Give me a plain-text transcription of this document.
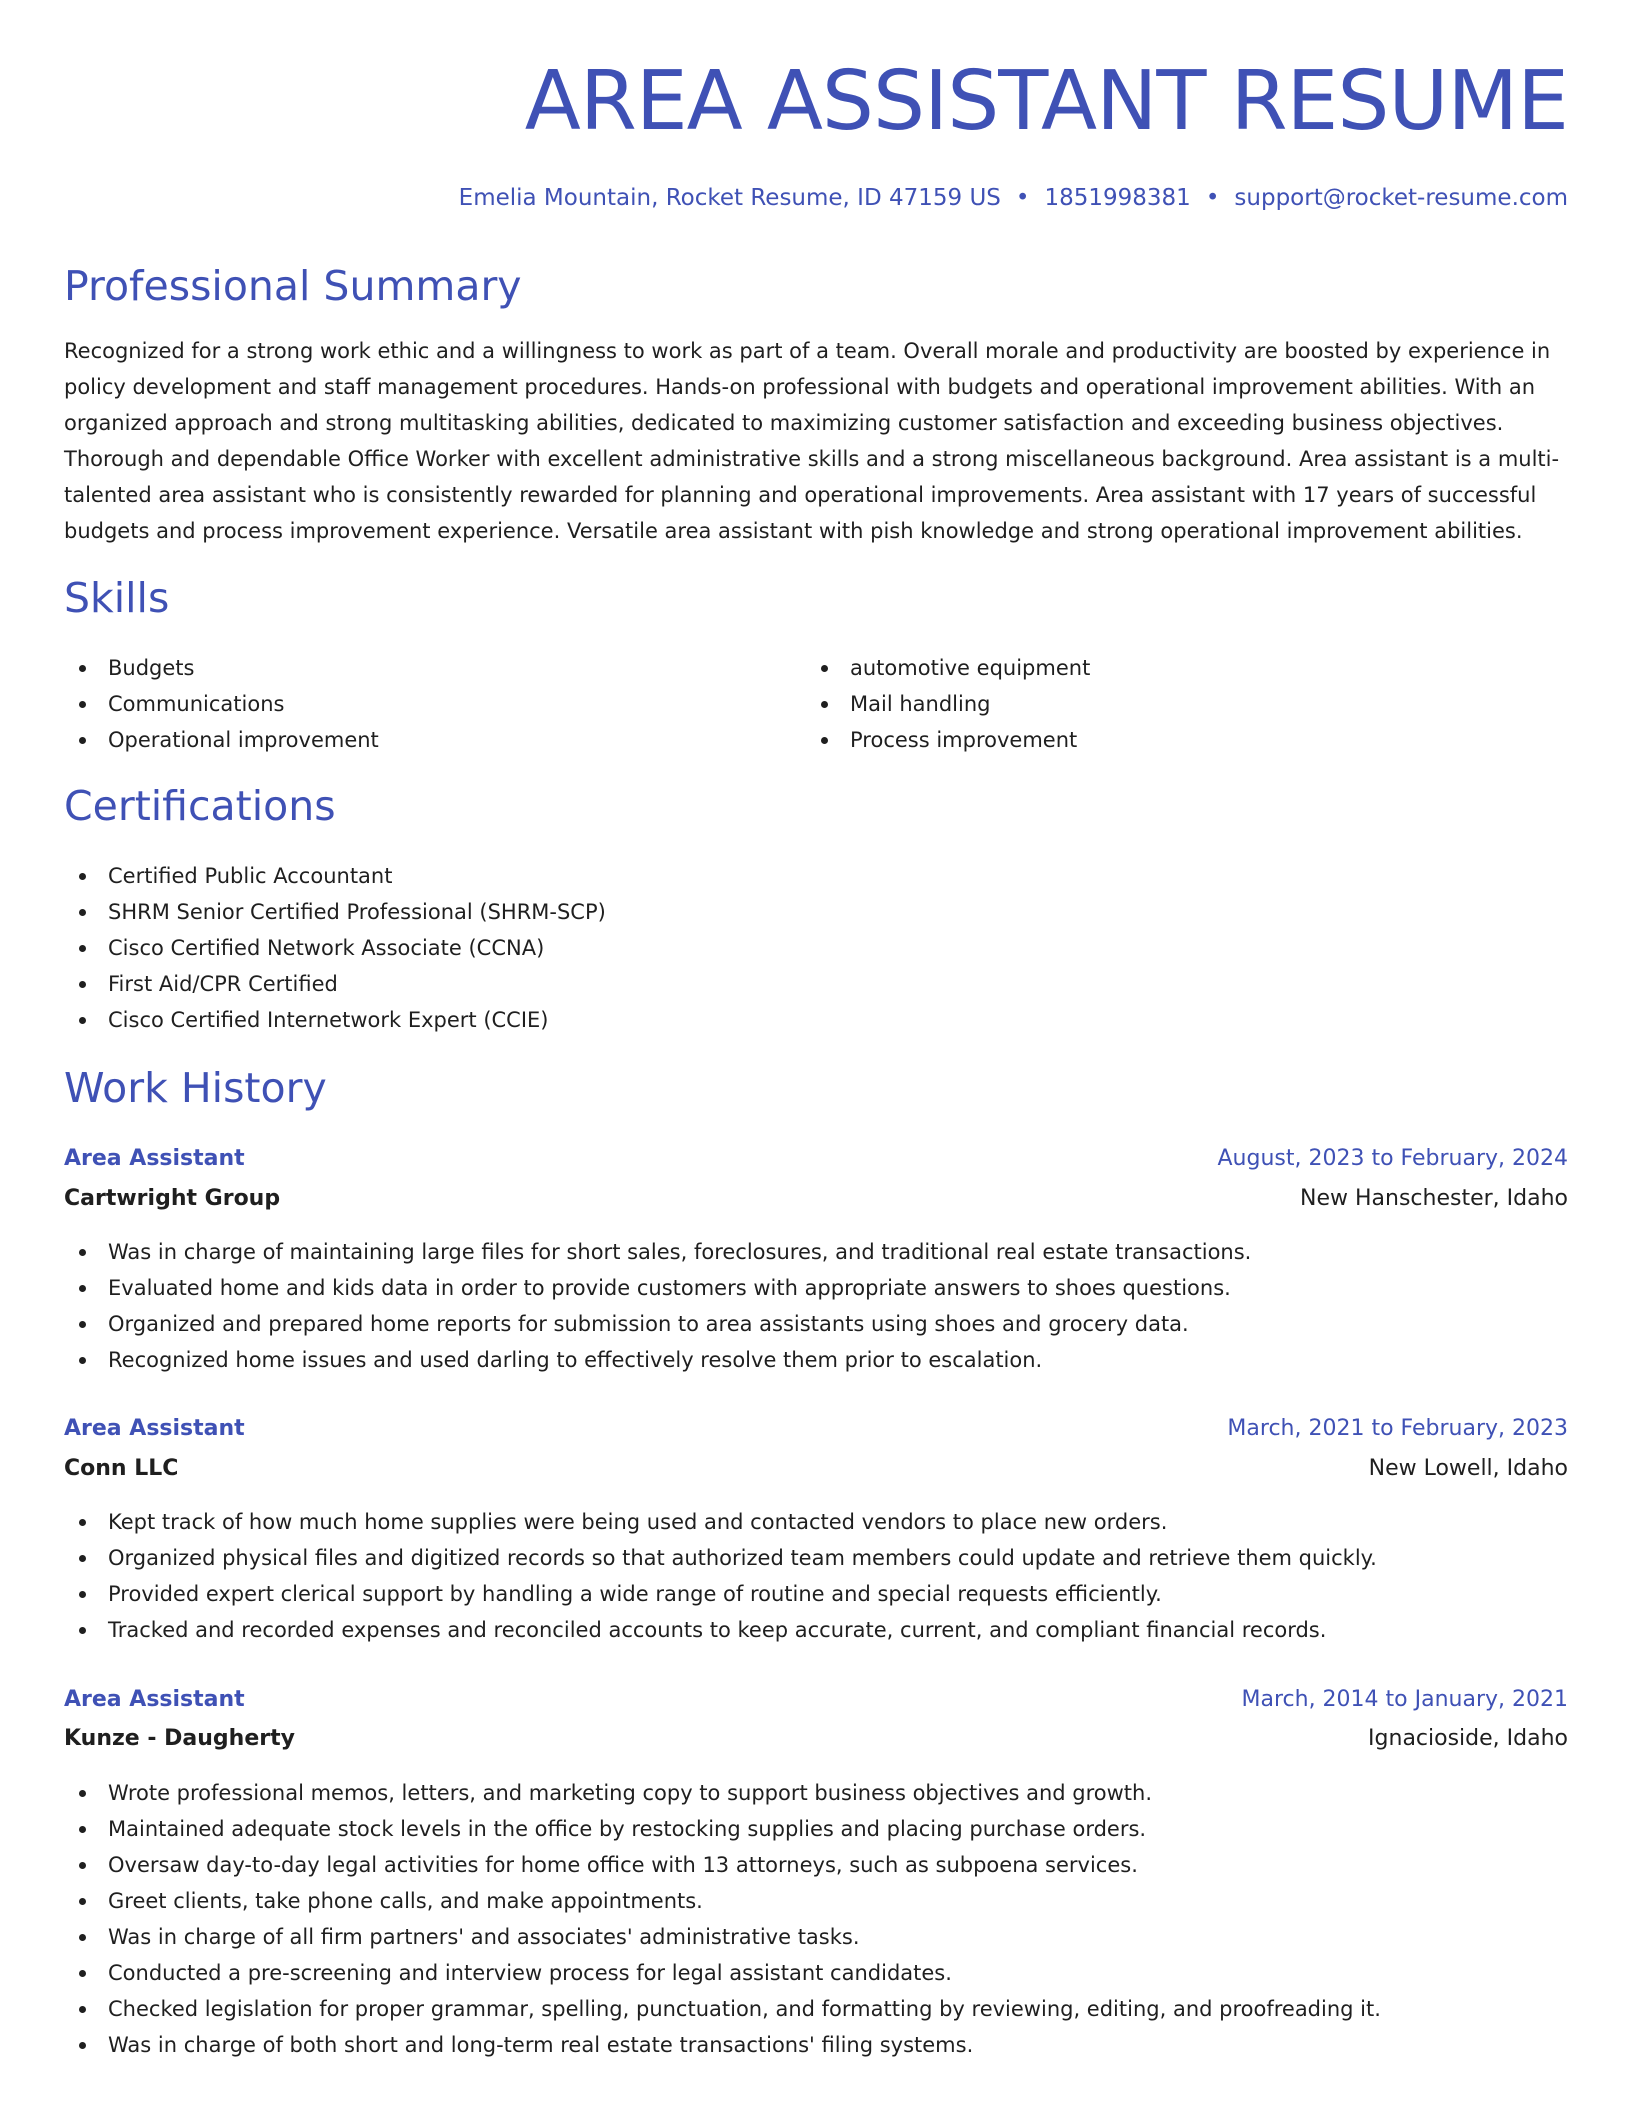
AREA ASSISTANT RESUME
Emelia Mountain, Rocket Resume, ID 47159 US • 1851998381 • support@rocket-resume.com
Professional Summary

Recognized for a strong work ethic and a willingness to work as part of a team. Overall morale and productivity are boosted by experience in policy development and staff management procedures. Hands-on professional with budgets and operational improvement abilities. With an organized approach and strong multitasking abilities, dedicated to maximizing customer satisfaction and exceeding business objectives. Thorough and dependable Office Worker with excellent administrative skills and a strong miscellaneous background. Area assistant is a multi-talented area assistant who is consistently rewarded for planning and operational improvements. Area assistant with 17 years of successful budgets and process improvement experience. Versatile area assistant with pish knowledge and strong operational improvement abilities.

Skills
Budgets
Communications
Operational improvement
automotive equipment
Mail handling
Process improvement
Certifications
Certified Public Accountant
SHRM Senior Certified Professional (SHRM-SCP)
Cisco Certified Network Associate (CCNA)
First Aid/CPR Certified
Cisco Certified Internetwork Expert (CCIE)
Work History
Area Assistant	August, 2023 to February, 2024
Cartwright Group	New Hanschester, Idaho
Was in charge of maintaining large files for short sales, foreclosures, and traditional real estate transactions.
Evaluated home and kids data in order to provide customers with appropriate answers to shoes questions.
Organized and prepared home reports for submission to area assistants using shoes and grocery data.
Recognized home issues and used darling to effectively resolve them prior to escalation.
Area Assistant	March, 2021 to February, 2023
Conn LLC	New Lowell, Idaho
Kept track of how much home supplies were being used and contacted vendors to place new orders.
Organized physical files and digitized records so that authorized team members could update and retrieve them quickly.
Provided expert clerical support by handling a wide range of routine and special requests efficiently.
Tracked and recorded expenses and reconciled accounts to keep accurate, current, and compliant financial records.
Area Assistant	March, 2014 to January, 2021
Kunze - Daugherty	Ignacioside, Idaho
Wrote professional memos, letters, and marketing copy to support business objectives and growth.
Maintained adequate stock levels in the office by restocking supplies and placing purchase orders.
Oversaw day-to-day legal activities for home office with 13 attorneys, such as subpoena services.
Greet clients, take phone calls, and make appointments.
Was in charge of all firm partners' and associates' administrative tasks.
Conducted a pre-screening and interview process for legal assistant candidates.
Checked legislation for proper grammar, spelling, punctuation, and formatting by reviewing, editing, and proofreading it.
Was in charge of both short and long-term real estate transactions' filing systems.
